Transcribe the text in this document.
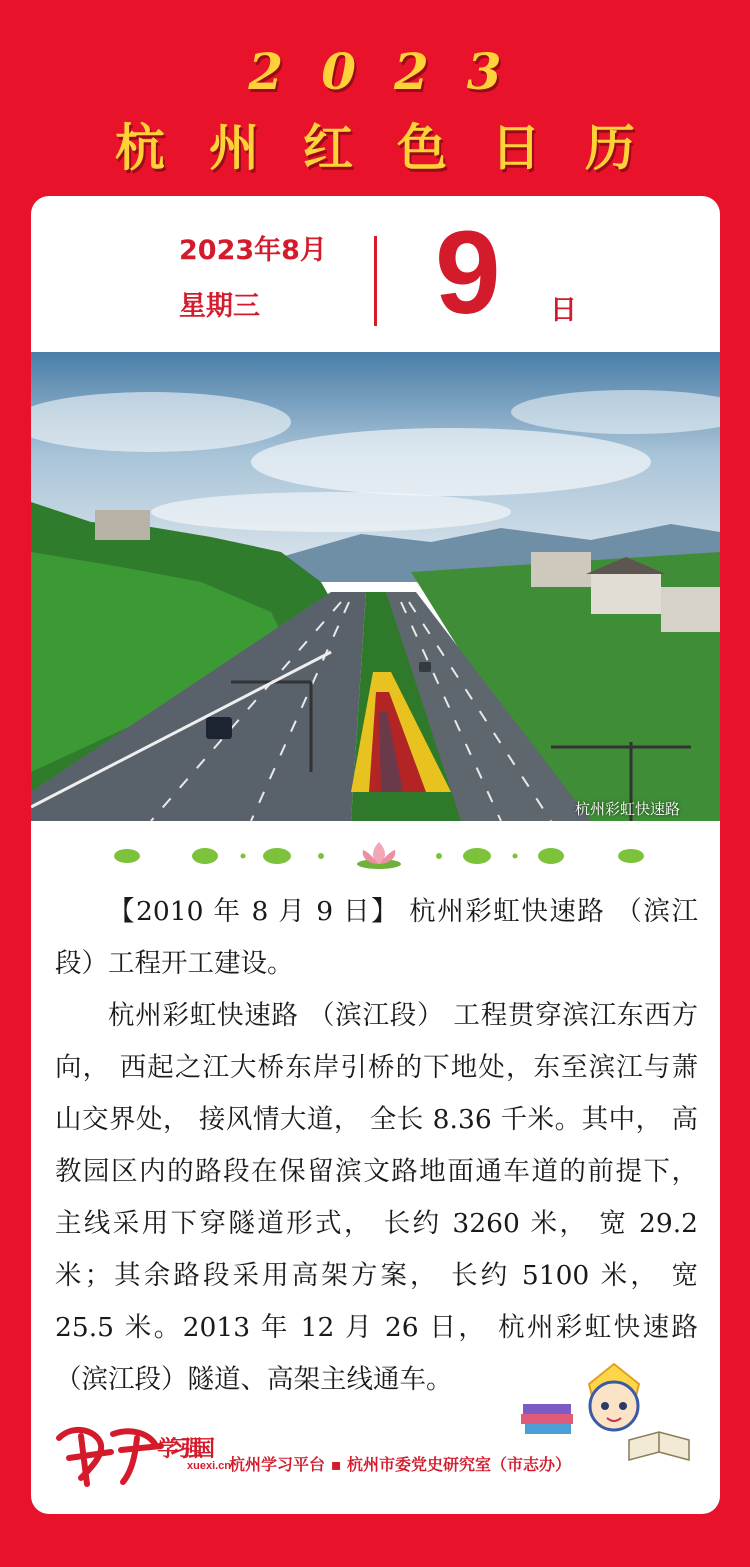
2023
杭州红色日历
2023年8月
星期三 9 日
杭州彩虹快速路

【2010 年 8 月 9 日】 杭州彩虹快速路 （滨江段）工程开工建设。

杭州彩虹快速路 （滨江段） 工程贯穿滨江东西方向， 西起之江大桥东岸引桥的下地处，东至滨江与萧山交界处， 接风情大道， 全长 8.36 千米。其中， 高教园区内的路段在保留滨文路地面通车道的前提下， 主线采用下穿隧道形式， 长约 3260 米， 宽 29.2 米；其余路段采用高架方案， 长约 5100 米， 宽 25.5 米。2013 年 12 月 26 日， 杭州彩虹快速路 （滨江段）隧道、高架主线通车。

学习强国
xuexi.cn
杭州学习平台 ▪ 杭州市委党史研究室（市志办）
